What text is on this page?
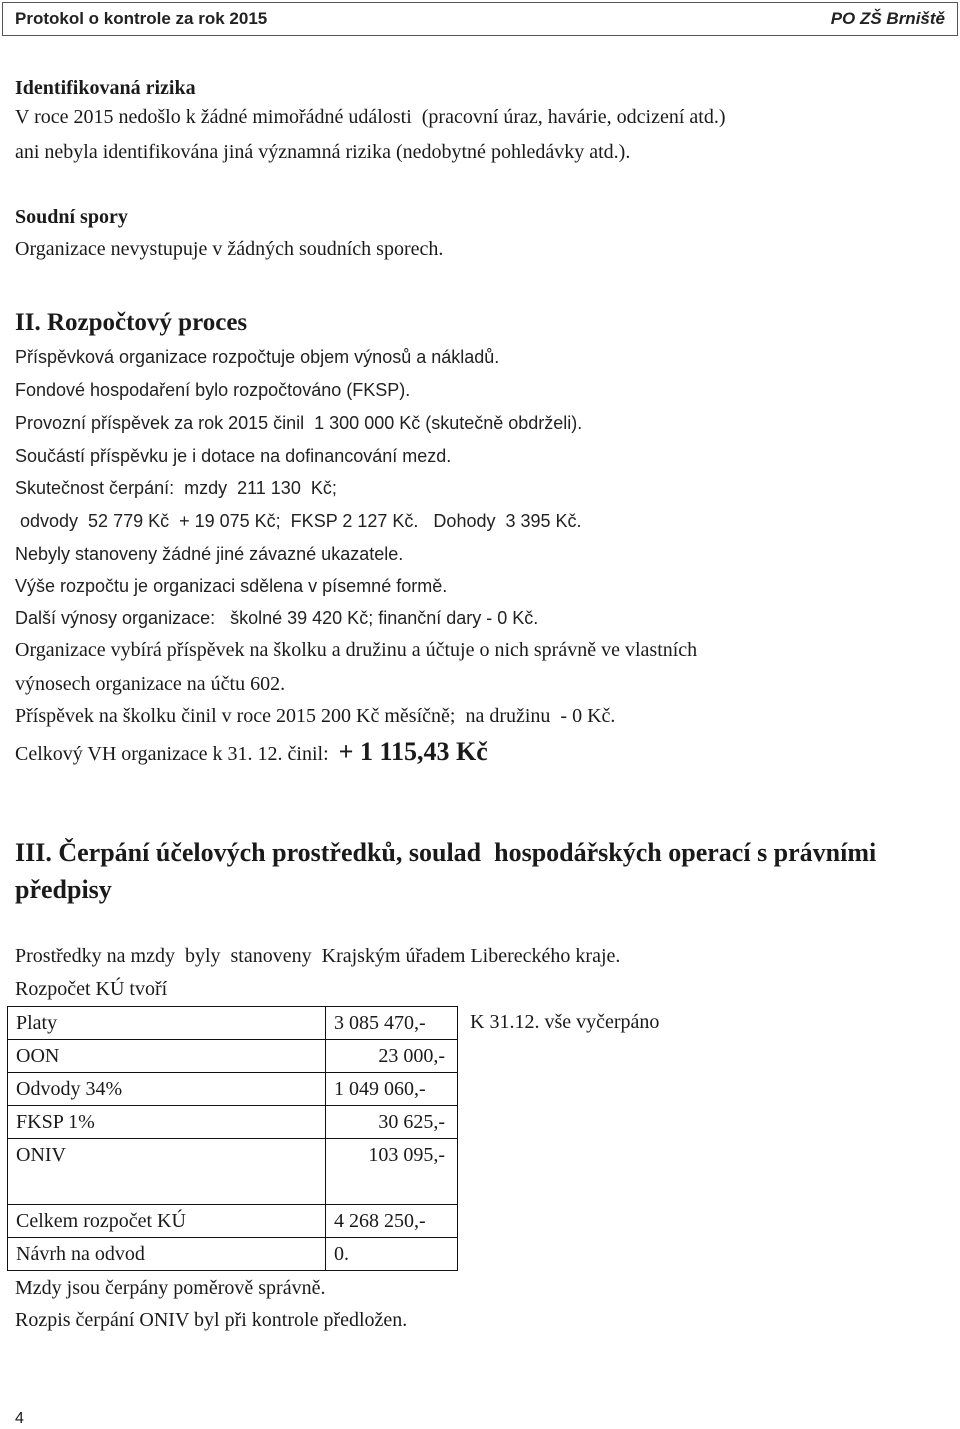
Protokol o kontrole za rok 2015	PO ZŠ Brniště
Identifikovaná rizika
V roce 2015 nedošlo k žádné mimořádné události  (pracovní úraz, havárie, odcizení atd.)
ani nebyla identifikována jiná významná rizika (nedobytné pohledávky atd.).
Soudní spory
Organizace nevystupuje v žádných soudních sporech.
II. Rozpočtový proces
Příspěvková organizace rozpočtuje objem výnosů a nákladů.
Fondové hospodaření bylo rozpočtováno (FKSP).
Provozní příspěvek za rok 2015 činil  1 300 000 Kč (skutečně obdrželi).
Součástí příspěvku je i dotace na dofinancování mezd.
Skutečnost čerpání:  mzdy  211 130  Kč;
odvody  52 779 Kč  + 19 075 Kč;  FKSP 2 127 Kč.   Dohody  3 395 Kč.
Nebyly stanoveny žádné jiné závazné ukazatele.
Výše rozpočtu je organizaci sdělena v písemné formě.
Další výnosy organizace:   školné 39 420 Kč; finanční dary - 0 Kč.
Organizace vybírá příspěvek na školku a družinu a účtuje o nich správně ve vlastních
výnosech organizace na účtu 602.
Příspěvek na školku činil v roce 2015 200 Kč měsíčně;  na družinu  - 0 Kč.
Celkový VH organizace k 31. 12. činil: + 1 115,43 Kč
III. Čerpání účelových prostředků, soulad  hospodářských operací s právními
předpisy
Prostředky na mzdy  byly  stanoveny  Krajským úřadem Libereckého kraje.
Rozpočet KÚ tvoří
Platy	3 085 470,-
OON	23 000,-
Odvody 34%	1 049 060,-
FKSP 1%	30 625,-
ONIV	103 095,-
Celkem rozpočet KÚ	4 268 250,-
Návrh na odvod	0.
K 31.12. vše vyčerpáno
Mzdy jsou čerpány poměrově správně.
Rozpis čerpání ONIV byl při kontrole předložen.
4
